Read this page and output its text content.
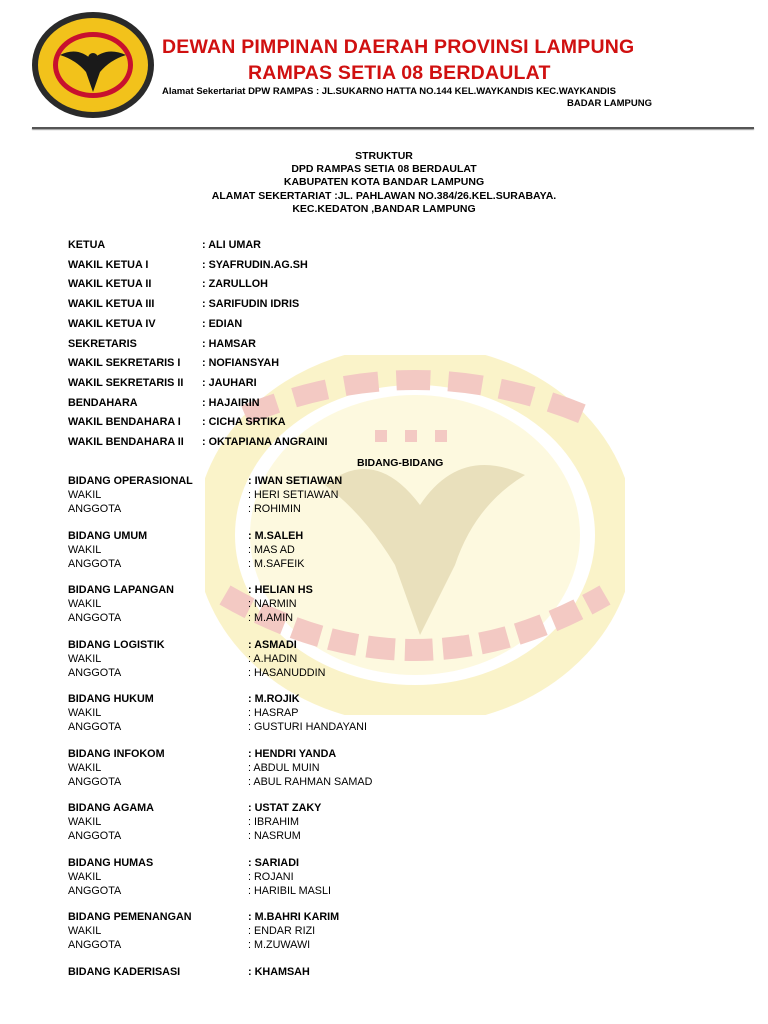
DEWAN PIMPINAN DAERAH PROVINSI LAMPUNG
RAMPAS SETIA 08 BERDAULAT
Alamat Sekertariat DPW RAMPAS : JL.SUKARNO HATTA NO.144 KEL.WAYKANDIS KEC.WAYKANDIS
BADAR LAMPUNG
STRUKTUR
DPD RAMPAS SETIA 08 BERDAULAT
KABUPATEN KOTA BANDAR LAMPUNG
ALAMAT SEKERTARIAT :JL. PAHLAWAN NO.384/26.KEL.SURABAYA.
KEC.KEDATON ,BANDAR LAMPUNG
KETUA	: ALI UMAR
WAKIL KETUA I	: SYAFRUDIN.AG.SH
WAKIL KETUA II	: ZARULLOH
WAKIL KETUA III	: SARIFUDIN IDRIS
WAKIL KETUA IV	: EDIAN
SEKRETARIS	: HAMSAR
WAKIL SEKRETARIS I : NOFIANSYAH
WAKIL SEKRETARIS II : JAUHARI
BENDAHARA	: HAJAIRIN
WAKIL BENDAHARA I : CICHA SRTIKA
WAKIL BENDAHARA II : OKTAPIANA ANGRAINI
BIDANG OPERASIONAL	: IWAN SETIAWAN
WAKIL	: HERI SETIAWAN
ANGGOTA	: ROHIMIN
BIDANG UMUM	: M.SALEH
WAKIL	: MAS AD
ANGGOTA	: M.SAFEIK
BIDANG LAPANGAN	: HELIAN HS
WAKIL	: NARMIN
ANGGOTA	: M.AMIN
BIDANG LOGISTIK	: ASMADI
WAKIL	: A.HADIN
ANGGOTA	: HASANUDDIN
BIDANG HUKUM	: M.ROJIK
WAKIL	: HASRAP
ANGGOTA	: GUSTURI HANDAYANI
BIDANG INFOKOM	: HENDRI YANDA
WAKIL	: ABDUL MUIN
ANGGOTA	: ABUL RAHMAN SAMAD
BIDANG AGAMA	: USTAT ZAKY
WAKIL	: IBRAHIM
ANGGOTA	: NASRUM
BIDANG HUMAS	: SARIADI
WAKIL	: ROJANI
ANGGOTA	: HARIBIL MASLI
BIDANG PEMENANGAN	: M.BAHRI KARIM
WAKIL	: ENDAR RIZI
ANGGOTA	: M.ZUWAWI
BIDANG KADERISASI	: KHAMSAH
BIDANG-BIDANG
